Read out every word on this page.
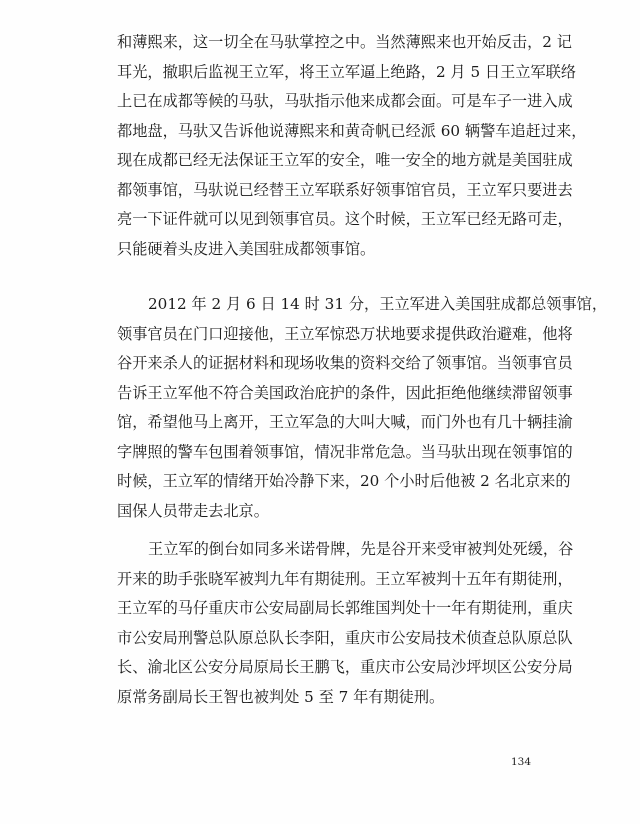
和薄熙来，这一切全在马驮掌控之中。当然薄熙来也开始反击，2 记
耳光，撤职后监视王立军，将王立军逼上绝路，2 月 5 日王立军联络
上已在成都等候的马驮，马驮指示他来成都会面。可是车子一进入成
都地盘，马驮又告诉他说薄熙来和黄奇帆已经派 60 辆警车追赶过来，
现在成都已经无法保证王立军的安全，唯一安全的地方就是美国驻成
都领事馆，马驮说已经替王立军联系好领事馆官员，王立军只要进去
亮一下证件就可以见到领事官员。这个时候，王立军已经无路可走，
只能硬着头皮进入美国驻成都领事馆。
2012 年 2 月 6 日 14 时 31 分，王立军进入美国驻成都总领事馆，
领事官员在门口迎接他，王立军惊恐万状地要求提供政治避难，他将
谷开来杀人的证据材料和现场收集的资料交给了领事馆。当领事官员
告诉王立军他不符合美国政治庇护的条件，因此拒绝他继续滞留领事
馆，希望他马上离开，王立军急的大叫大喊，而门外也有几十辆挂渝
字牌照的警车包围着领事馆，情况非常危急。当马驮出现在领事馆的
时候，王立军的情绪开始冷静下来，20 个小时后他被 2 名北京来的
国保人员带走去北京。
王立军的倒台如同多米诺骨牌，先是谷开来受审被判处死缓，谷
开来的助手张晓军被判九年有期徒刑。王立军被判十五年有期徒刑，
王立军的马仔重庆市公安局副局长郭维国判处十一年有期徒刑，重庆
市公安局刑警总队原总队长李阳，重庆市公安局技术侦查总队原总队
长、渝北区公安分局原局长王鹏飞，重庆市公安局沙坪坝区公安分局
原常务副局长王智也被判处 5 至 7 年有期徒刑。
134
